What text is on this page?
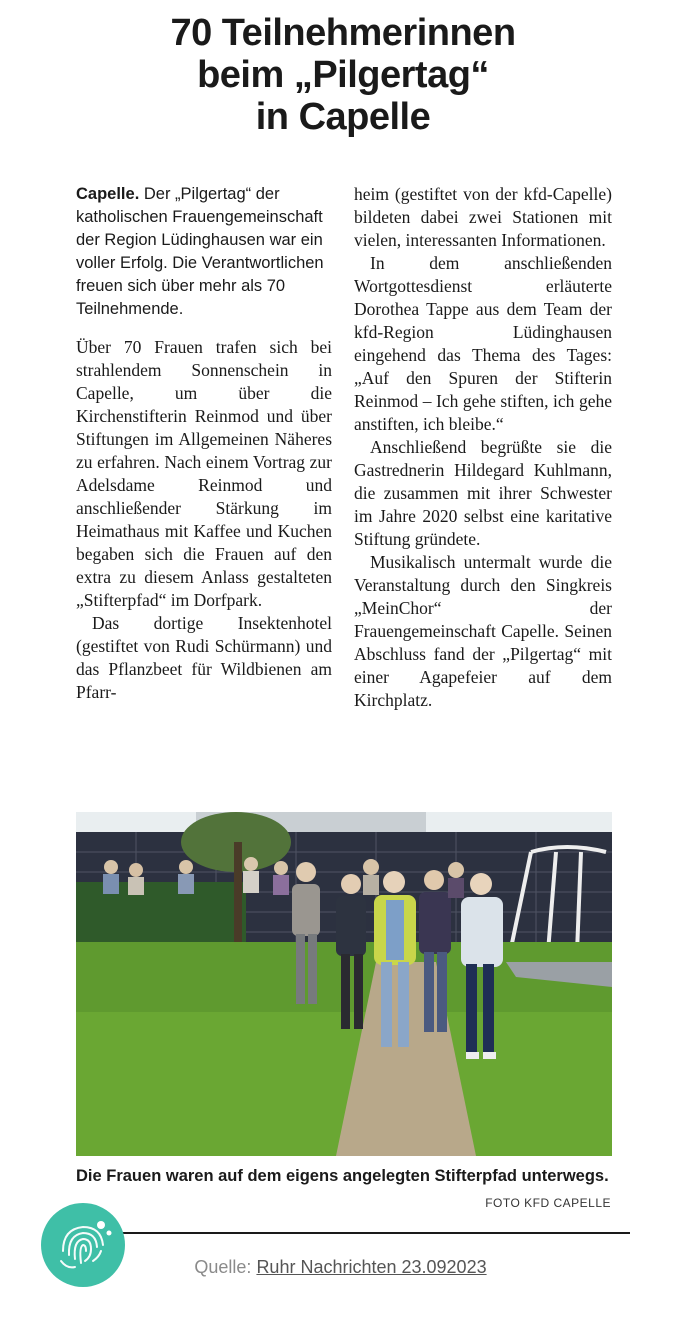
70 Teilnehmerinnen
beim „Pilgertag“
in Capelle

Capelle. Der „Pilgertag“ der katholischen Frauengemeinschaft der Region Lüdinghausen war ein voller Erfolg. Die Verantwortlichen freuen sich über mehr als 70 Teilnehmende.

Über 70 Frauen trafen sich bei strahlendem Sonnenschein in Capelle, um über die Kirchenstifterin Reinmod und über Stiftungen im Allgemeinen Näheres zu erfahren. Nach einem Vortrag zur Adelsdame Reinmod und anschließender Stärkung im Heimathaus mit Kaffee und Kuchen begaben sich die Frauen auf den extra zu diesem Anlass gestalteten „Stifterpfad“ im Dorfpark.

Das dortige Insektenhotel (gestiftet von Rudi Schürmann) und das Pflanzbeet für Wildbienen am Pfarr-

heim (gestiftet von der kfd-Capelle) bildeten dabei zwei Stationen mit vielen, interessanten Informationen.

In dem anschließenden Wortgottesdienst erläuterte Dorothea Tappe aus dem Team der kfd-Region Lüdinghausen eingehend das Thema des Tages: „Auf den Spuren der Stifterin Reinmod – Ich gehe stiften, ich gehe anstiften, ich bleibe.“

Anschließend begrüßte sie die Gastrednerin Hildegard Kuhlmann, die zusammen mit ihrer Schwester im Jahre 2020 selbst eine karitative Stiftung gründete.

Musikalisch untermalt wurde die Veranstaltung durch den Singkreis „MeinChor“ der Frauengemeinschaft Capelle. Seinen Abschluss fand der „Pilgertag“ mit einer Agapefeier auf dem Kirchplatz.

Die Frauen waren auf dem eigens angelegten Stifterpfad unterwegs.
FOTO KFD CAPELLE
Quelle: Ruhr Nachrichten 23.092023
